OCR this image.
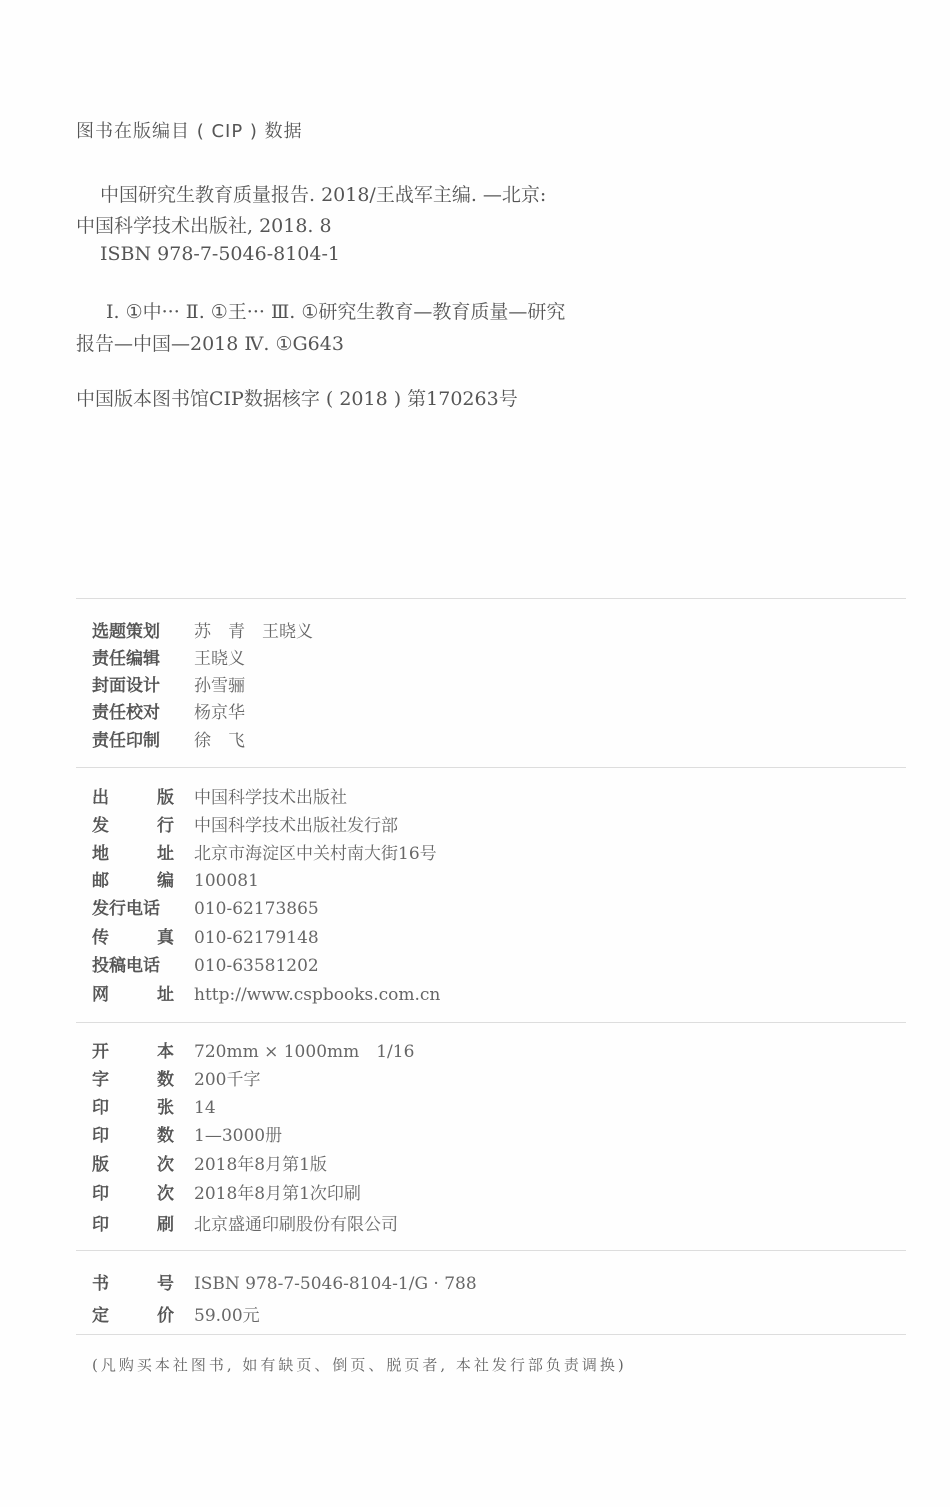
图书在版编目 ( CIP ) 数据
中国研究生教育质量报告. 2018/王战军主编. —北京:
中国科学技术出版社, 2018. 8
ISBN 978-7-5046-8104-1
Ⅰ. ①中··· Ⅱ. ①王··· Ⅲ. ①研究生教育—教育质量—研究
报告—中国—2018 Ⅳ. ①G643
中国版本图书馆CIP数据核字 ( 2018 ) 第170263号
选题策划	苏　青　王晓义
责任编辑	王晓义
封面设计	孙雪骊
责任校对	杨京华
责任印制	徐　飞
出	版 中国科学技术出版社
发	行 中国科学技术出版社发行部
地	址 北京市海淀区中关村南大街16号
邮	编 100081
发行电话	010-62173865
传	真 010-62179148
投稿电话	010-63581202
网	址 http://www.cspbooks.com.cn
开	本 720mm × 1000mm　1/16
字	数 200千字
印	张 14
印	数 1—3000册
版	次 2018年8月第1版
印	次 2018年8月第1次印刷
印	刷 北京盛通印刷股份有限公司
书	号 ISBN 978-7-5046-8104-1/G · 788
定	价 59.00元
(凡购买本社图书, 如有缺页、倒页、脱页者, 本社发行部负责调换)
